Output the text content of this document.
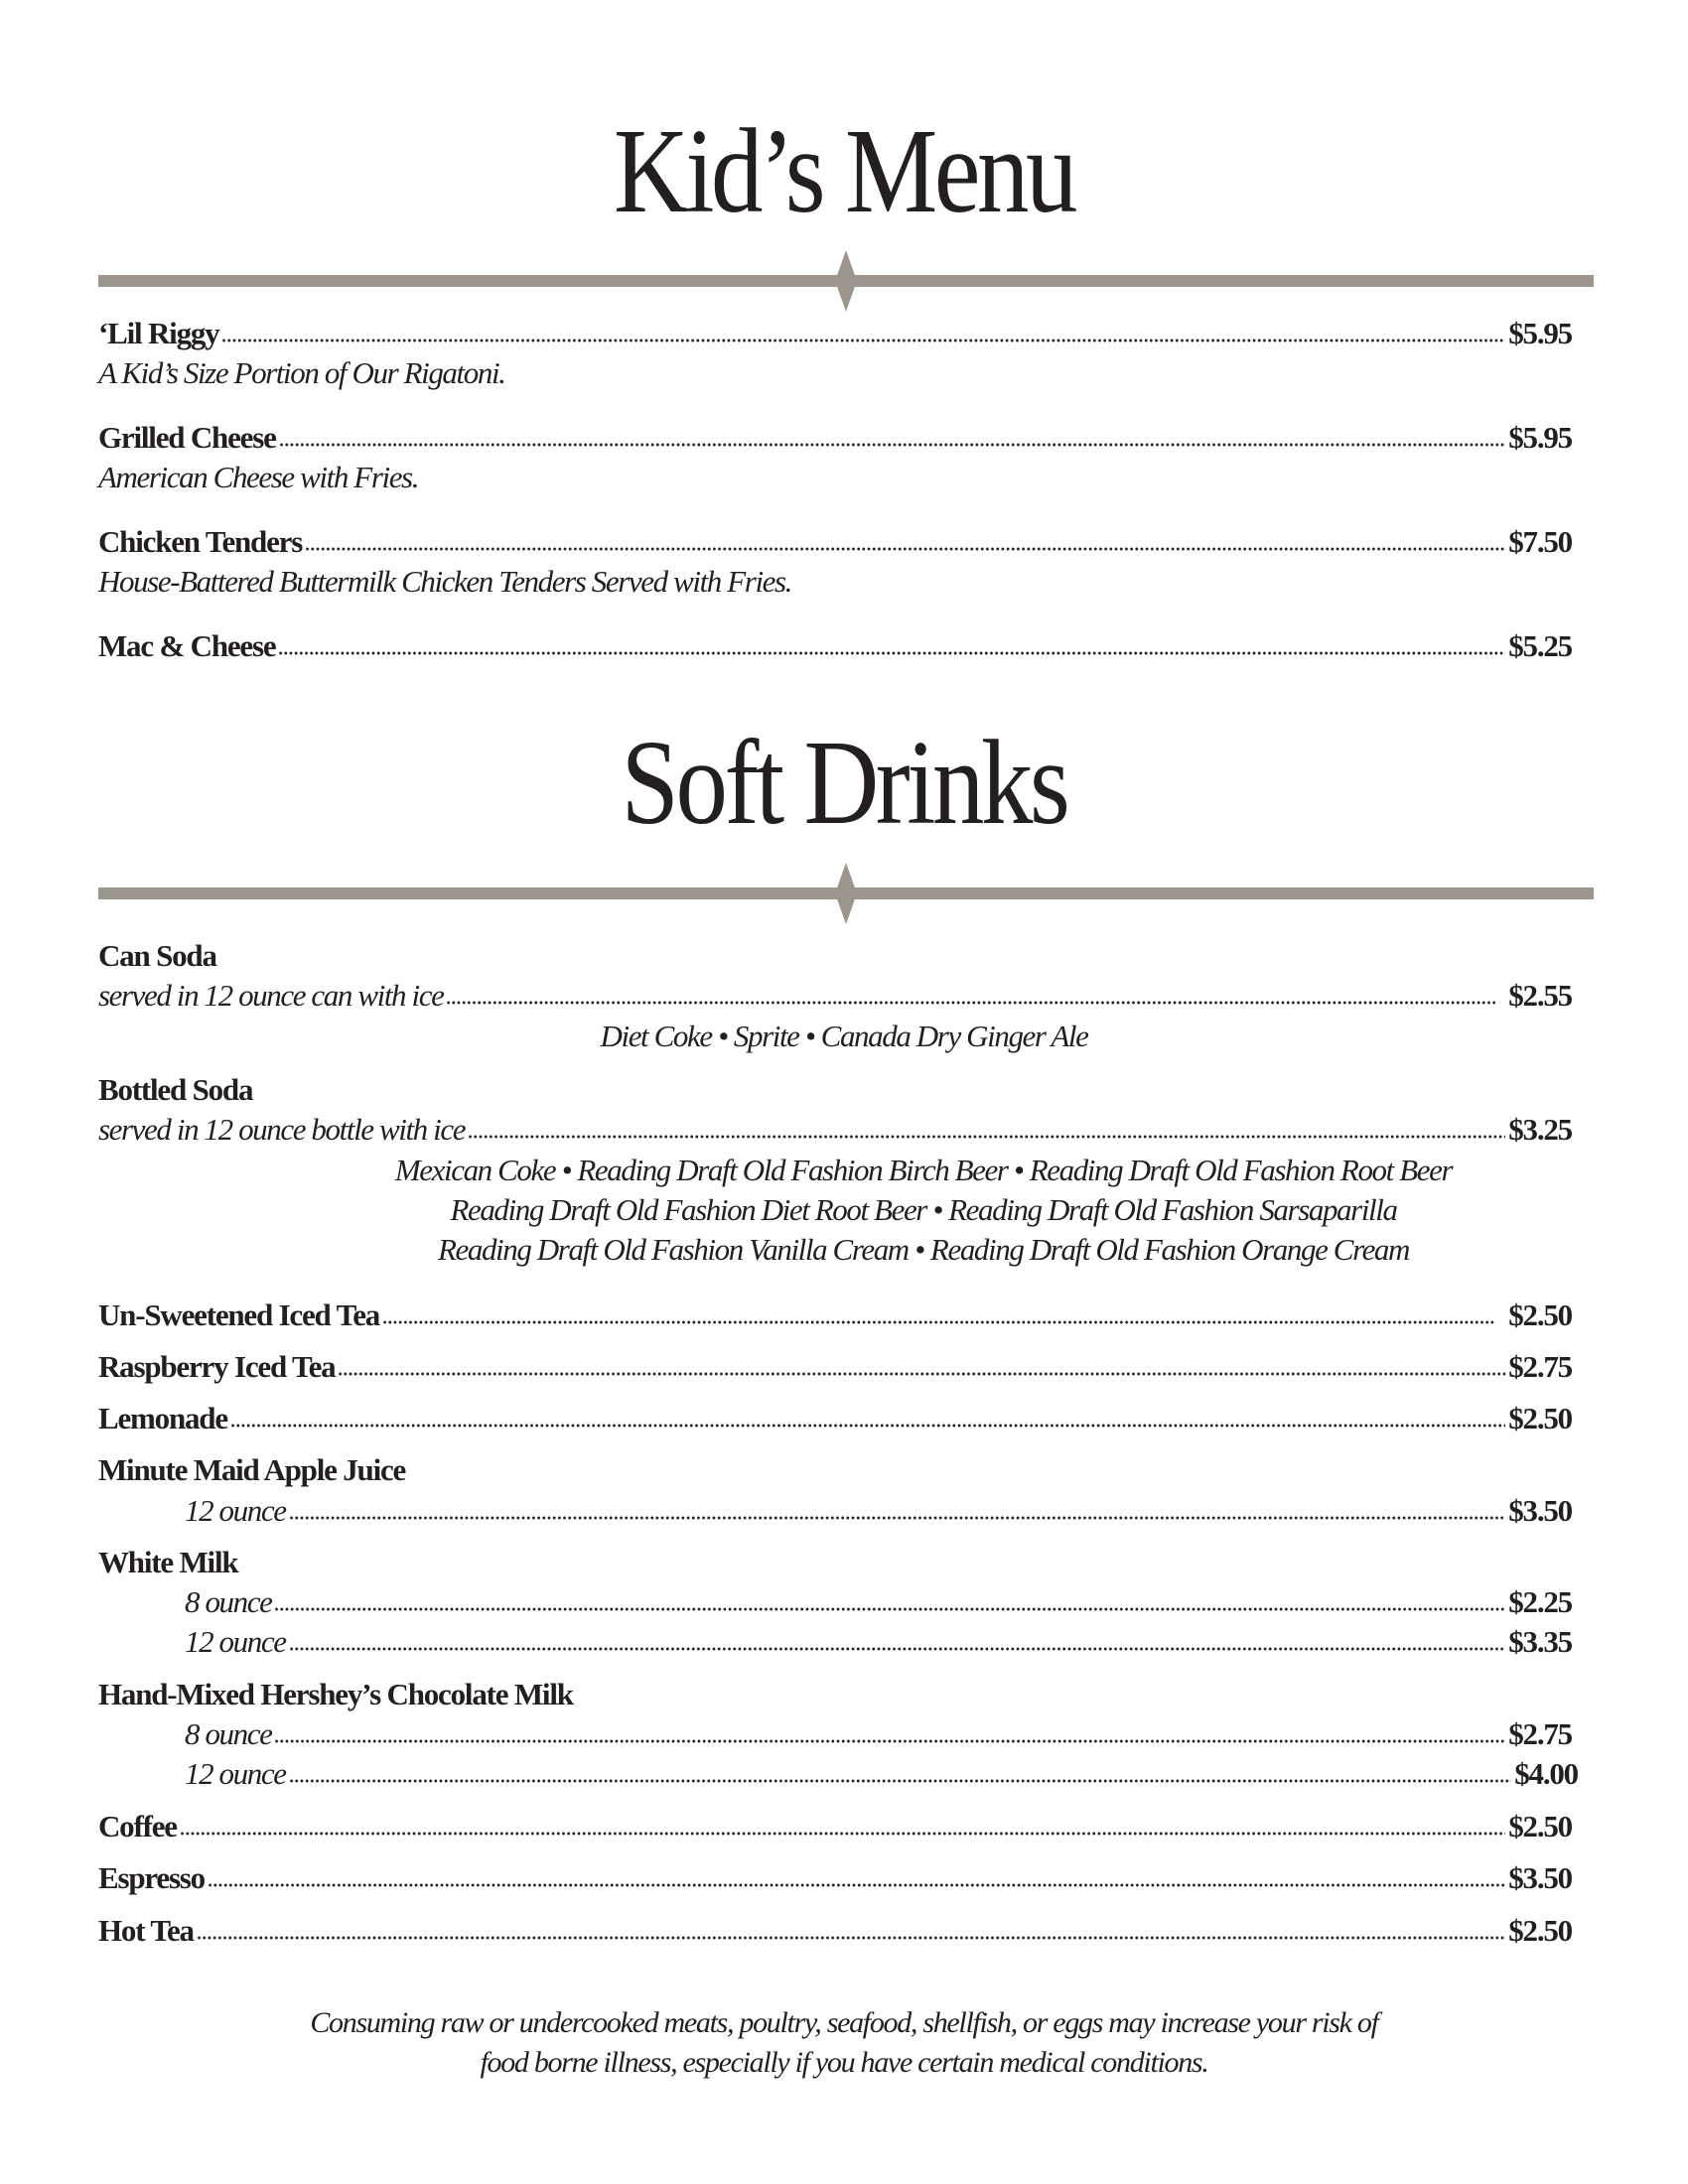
Kid’s Menu
‘Lil Riggy	$5.95
A Kid’s Size Portion of Our Rigatoni.
Grilled Cheese	$5.95
American Cheese with Fries.
Chicken Tenders	$7.50
House-Battered Buttermilk Chicken Tenders Served with Fries.
Mac & Cheese	$5.25
Soft Drinks
Can Soda
served in 12 ounce can with ice	$2.55
Diet Coke • Sprite • Canada Dry Ginger Ale
Bottled Soda
served in 12 ounce bottle with ice	$3.25
Mexican Coke • Reading Draft Old Fashion Birch Beer • Reading Draft Old Fashion Root Beer
Reading Draft Old Fashion Diet Root Beer • Reading Draft Old Fashion Sarsaparilla
Reading Draft Old Fashion Vanilla Cream • Reading Draft Old Fashion Orange Cream
Un-Sweetened Iced Tea	$2.50
Raspberry Iced Tea	$2.75
Lemonade	$2.50
Minute Maid Apple Juice
12 ounce	$3.50
White Milk
8 ounce	$2.25
12 ounce	$3.35
Hand-Mixed Hershey’s Chocolate Milk
8 ounce	$2.75
12 ounce	$4.00
Coffee	$2.50
Espresso	$3.50
Hot Tea	$2.50
Consuming raw or undercooked meats, poultry, seafood, shellfish, or eggs may increase your risk of
food borne illness, especially if you have certain medical conditions.
